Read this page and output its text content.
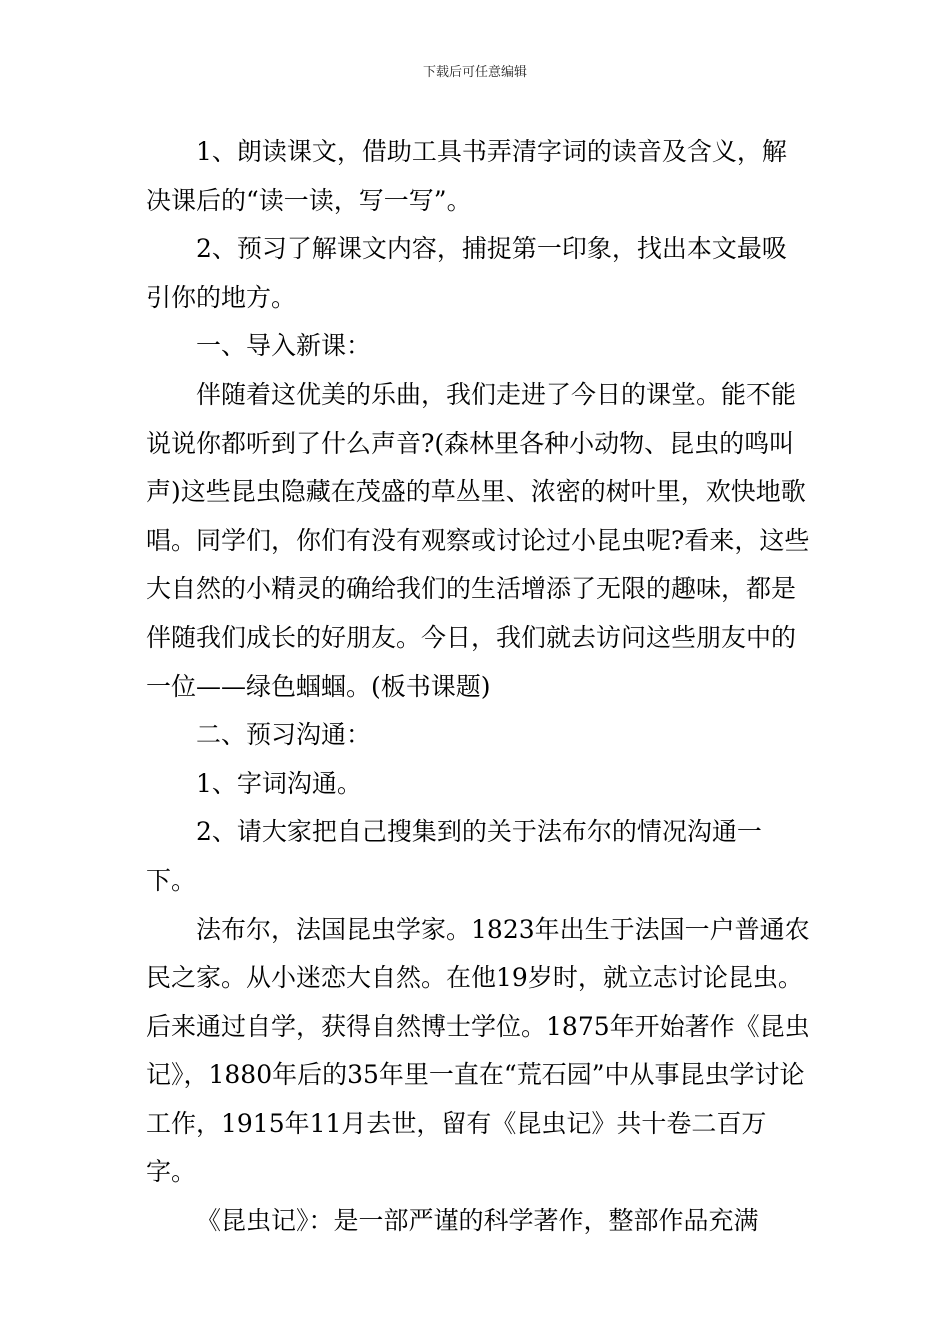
下载后可任意编辑

1、朗读课文，借助工具书弄清字词的读音及含义，解决课后的“读一读，写一写”。

2、预习了解课文内容，捕捉第一印象，找出本文最吸引你的地方。

一、导入新课：

伴随着这优美的乐曲，我们走进了今日的课堂。能不能说说你都听到了什么声音?(森林里各种小动物、昆虫的鸣叫声)这些昆虫隐藏在茂盛的草丛里、浓密的树叶里，欢快地歌唱。同学们，你们有没有观察或讨论过小昆虫呢?看来，这些大自然的小精灵的确给我们的生活增添了无限的趣味，都是伴随我们成长的好朋友。今日，我们就去访问这些朋友中的一位——绿色蝈蝈。(板书课题)

二、预习沟通：

1、字词沟通。

2、请大家把自己搜集到的关于法布尔的情况沟通一下。

法布尔，法国昆虫学家。1823年出生于法国一户普通农民之家。从小迷恋大自然。在他19岁时，就立志讨论昆虫。后来通过自学，获得自然博士学位。1875年开始著作《昆虫记》，1880年后的35年里一直在“荒石园”中从事昆虫学讨论工作，1915年11月去世，留有《昆虫记》共十卷二百万字。

《昆虫记》：是一部严谨的科学著作，整部作品充满
